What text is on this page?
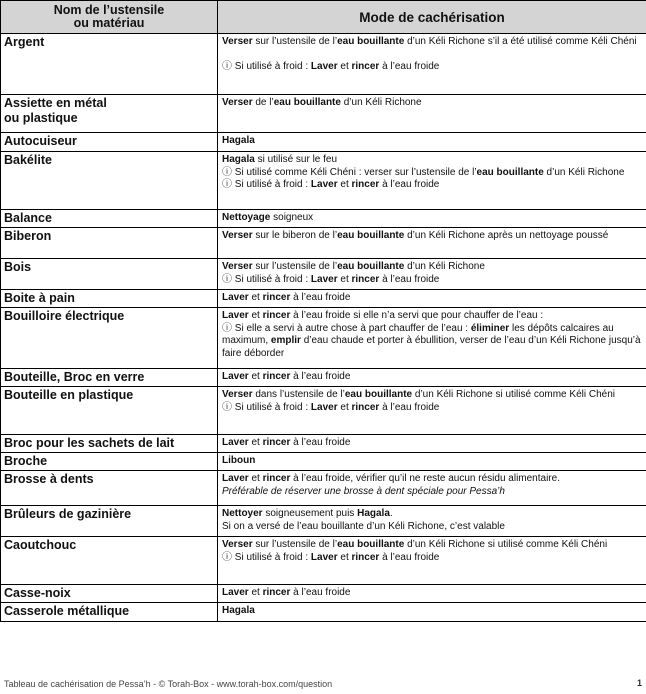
Nom de l’ustensile
ou matériau	Mode de cachérisation

Argent	Verser sur l’ustensile de l’eau bouillante d’un Kéli Richone s’il a été utilisé comme Kéli Chéni
ⓘ Si utilisé à froid : Laver et rincer à l’eau froide

Assiette en métal
ou plastique	Verser de l’eau bouillante d’un Kéli Richone

Autocuiseur	Hagala

Bakélite	Hagala si utilisé sur le feu
ⓘ Si utilisé comme Kéli Chéni : verser sur l’ustensile de l’eau bouillante d’un Kéli Richone
ⓘ Si utilisé à froid : Laver et rincer à l’eau froide

Balance	Nettoyage soigneux

Biberon	Verser sur le biberon de l’eau bouillante d’un Kéli Richone après un nettoyage poussé

Bois	Verser sur l’ustensile de l’eau bouillante d’un Kéli Richone
ⓘ Si utilisé à froid : Laver et rincer à l’eau froide

Boite à pain	Laver et rincer à l’eau froide

Bouilloire électrique	Laver et rincer à l’eau froide si elle n’a servi que pour chauffer de l’eau :
ⓘ Si elle a servi à autre chose à part chauffer de l’eau : éliminer les dépôts calcaires au maximum, emplir d’eau chaude et porter à ébullition, verser de l’eau d’un Kéli Richone jusqu’à faire déborder

Bouteille, Broc en verre	Laver et rincer à l’eau froide

Bouteille en plastique	Verser dans l’ustensile de l’eau bouillante d’un Kéli Richone si utilisé comme Kéli Chéni
ⓘ Si utilisé à froid : Laver et rincer à l’eau froide

Broc pour les sachets de lait	Laver et rincer à l’eau froide

Broche	Liboun

Brosse à dents	Laver et rincer à l’eau froide, vérifier qu’il ne reste aucun résidu alimentaire.
Préférable de réserver une brosse à dent spéciale pour Pessa’h

Brûleurs de gazinière	Nettoyer soigneusement puis Hagala.
Si on a versé de l’eau bouillante d’un Kéli Richone, c’est valable

Caoutchouc	Verser sur l’ustensile de l’eau bouillante d’un Kéli Richone si utilisé comme Kéli Chéni
ⓘ Si utilisé à froid : Laver et rincer à l’eau froide

Casse-noix	Laver et rincer à l’eau froide

Casserole métallique	Hagala
Tableau de cachérisation de Pessa’h - © Torah-Box - www.torah-box.com/question	1
